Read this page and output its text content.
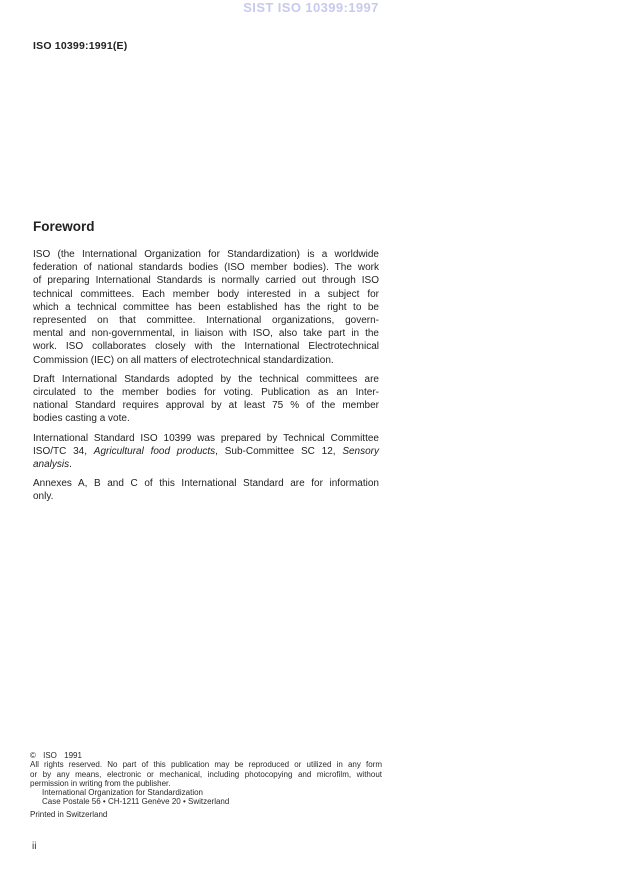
SIST ISO 10399:1997
ISO 10399:1991(E)
Foreword
ISO (the International Organization for Standardization) is a worldwide
federation of national standards bodies (ISO member bodies). The work
of preparing International Standards is normally carried out through ISO
technical committees. Each member body interested in a subject for
which a technical committee has been established has the right to be
represented on that committee. International organizations, govern-
mental and non-governmental, in liaison with ISO, also take part in the
work. ISO collaborates closely with the International Electrotechnical
Commission (IEC) on all matters of electrotechnical standardization.
Draft International Standards adopted by the technical committees are
circulated to the member bodies for voting. Publication as an Inter-
national Standard requires approval by at least 75 % of the member
bodies casting a vote.
International Standard ISO 10399 was prepared by Technical Committee
ISO/TC 34, Agricultural food products, Sub-Committee SC 12, Sensory
analysis.
Annexes A, B and C of this International Standard are for information
only.
© ISO 1991
All rights reserved. No part of this publication may be reproduced or utilized in any form
or by any means, electronic or mechanical, including photocopying and microfilm, without
permission in writing from the publisher.
International Organization for Standardization
Case Postale 56 • CH-1211 Genève 20 • Switzerland
Printed in Switzerland
ii
